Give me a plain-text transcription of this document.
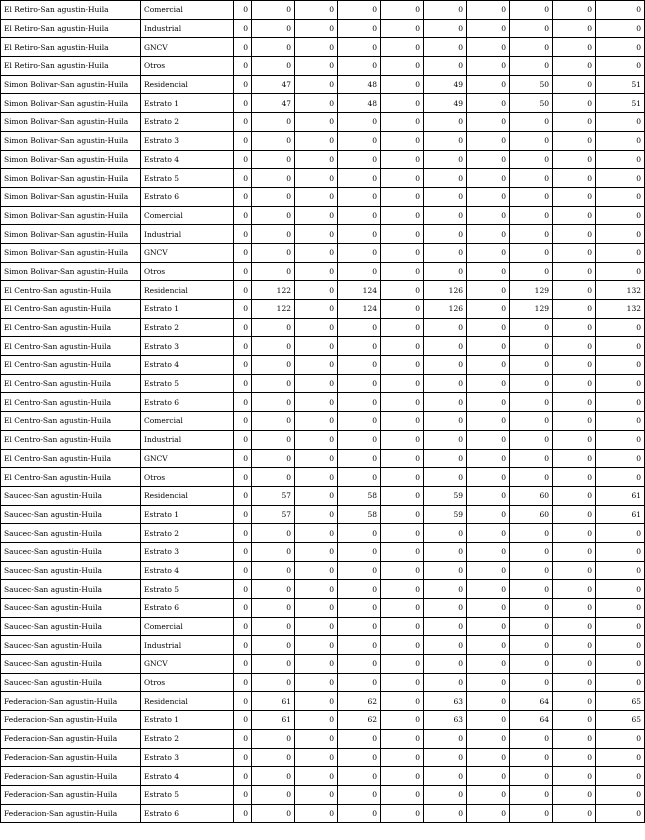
El Retiro-San agustin-Huila	Comercial	0	0	0	0	0	0	0	0	0	0
El Retiro-San agustin-Huila	Industrial	0	0	0	0	0	0	0	0	0	0
El Retiro-San agustin-Huila	GNCV	0	0	0	0	0	0	0	0	0	0
El Retiro-San agustin-Huila	Otros	0	0	0	0	0	0	0	0	0	0
Simon Bolivar-San agustin-Huila	Residencial	0	47	0	48	0	49	0	50	0	51
Simon Bolivar-San agustin-Huila	Estrato 1	0	47	0	48	0	49	0	50	0	51
Simon Bolivar-San agustin-Huila	Estrato 2	0	0	0	0	0	0	0	0	0	0
Simon Bolivar-San agustin-Huila	Estrato 3	0	0	0	0	0	0	0	0	0	0
Simon Bolivar-San agustin-Huila	Estrato 4	0	0	0	0	0	0	0	0	0	0
Simon Bolivar-San agustin-Huila	Estrato 5	0	0	0	0	0	0	0	0	0	0
Simon Bolivar-San agustin-Huila	Estrato 6	0	0	0	0	0	0	0	0	0	0
Simon Bolivar-San agustin-Huila	Comercial	0	0	0	0	0	0	0	0	0	0
Simon Bolivar-San agustin-Huila	Industrial	0	0	0	0	0	0	0	0	0	0
Simon Bolivar-San agustin-Huila	GNCV	0	0	0	0	0	0	0	0	0	0
Simon Bolivar-San agustin-Huila	Otros	0	0	0	0	0	0	0	0	0	0
El Centro-San agustin-Huila	Residencial	0	122	0	124	0	126	0	129	0	132
El Centro-San agustin-Huila	Estrato 1	0	122	0	124	0	126	0	129	0	132
El Centro-San agustin-Huila	Estrato 2	0	0	0	0	0	0	0	0	0	0
El Centro-San agustin-Huila	Estrato 3	0	0	0	0	0	0	0	0	0	0
El Centro-San agustin-Huila	Estrato 4	0	0	0	0	0	0	0	0	0	0
El Centro-San agustin-Huila	Estrato 5	0	0	0	0	0	0	0	0	0	0
El Centro-San agustin-Huila	Estrato 6	0	0	0	0	0	0	0	0	0	0
El Centro-San agustin-Huila	Comercial	0	0	0	0	0	0	0	0	0	0
El Centro-San agustin-Huila	Industrial	0	0	0	0	0	0	0	0	0	0
El Centro-San agustin-Huila	GNCV	0	0	0	0	0	0	0	0	0	0
El Centro-San agustin-Huila	Otros	0	0	0	0	0	0	0	0	0	0
Saucec-San agustin-Huila	Residencial	0	57	0	58	0	59	0	60	0	61
Saucec-San agustin-Huila	Estrato 1	0	57	0	58	0	59	0	60	0	61
Saucec-San agustin-Huila	Estrato 2	0	0	0	0	0	0	0	0	0	0
Saucec-San agustin-Huila	Estrato 3	0	0	0	0	0	0	0	0	0	0
Saucec-San agustin-Huila	Estrato 4	0	0	0	0	0	0	0	0	0	0
Saucec-San agustin-Huila	Estrato 5	0	0	0	0	0	0	0	0	0	0
Saucec-San agustin-Huila	Estrato 6	0	0	0	0	0	0	0	0	0	0
Saucec-San agustin-Huila	Comercial	0	0	0	0	0	0	0	0	0	0
Saucec-San agustin-Huila	Industrial	0	0	0	0	0	0	0	0	0	0
Saucec-San agustin-Huila	GNCV	0	0	0	0	0	0	0	0	0	0
Saucec-San agustin-Huila	Otros	0	0	0	0	0	0	0	0	0	0
Federacion-San agustin-Huila	Residencial	0	61	0	62	0	63	0	64	0	65
Federacion-San agustin-Huila	Estrato 1	0	61	0	62	0	63	0	64	0	65
Federacion-San agustin-Huila	Estrato 2	0	0	0	0	0	0	0	0	0	0
Federacion-San agustin-Huila	Estrato 3	0	0	0	0	0	0	0	0	0	0
Federacion-San agustin-Huila	Estrato 4	0	0	0	0	0	0	0	0	0	0
Federacion-San agustin-Huila	Estrato 5	0	0	0	0	0	0	0	0	0	0
Federacion-San agustin-Huila	Estrato 6	0	0	0	0	0	0	0	0	0	0
